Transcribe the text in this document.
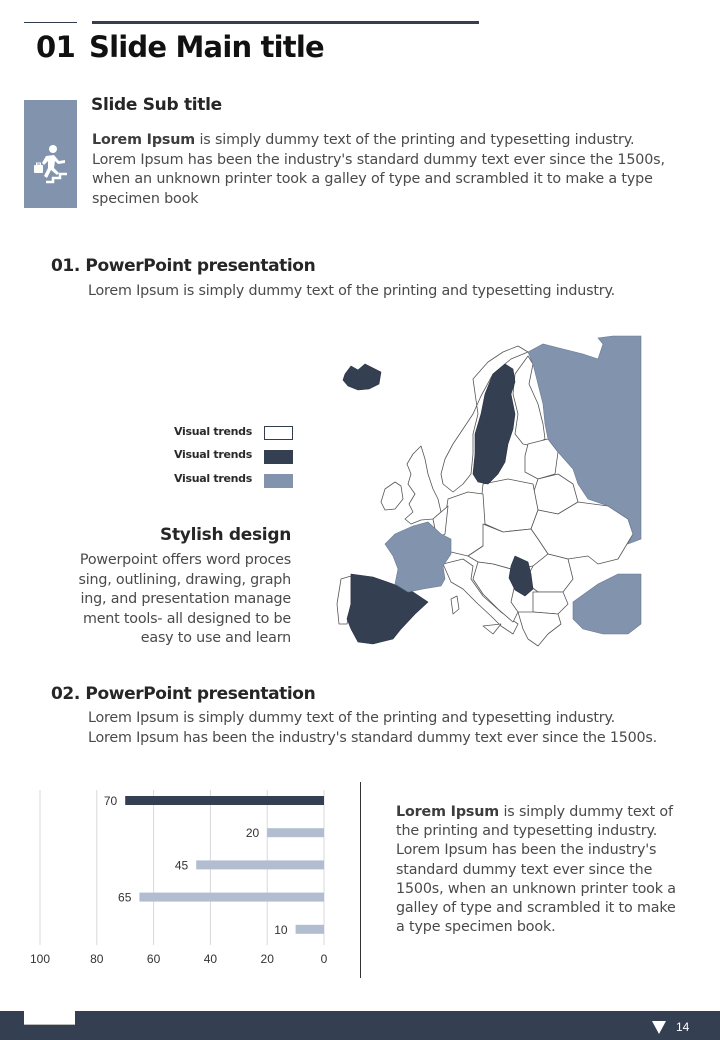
01 Slide Main title
Slide Sub title
Lorem Ipsum is simply dummy text of the printing and typesetting industry. Lorem Ipsum has been the industry's standard dummy text ever since the 1500s, when an unknown printer took a galley of type and scrambled it to make a type specimen book
01. PowerPoint presentation
Lorem Ipsum is simply dummy text of the printing and typesetting industry.
Visual trends
Visual trends
Visual trends
Stylish design
Powerpoint offers word proces
sing, outlining, drawing, graph
ing, and presentation manage
ment tools- all designed to be
easy to use and learn
02. PowerPoint presentation
Lorem Ipsum is simply dummy text of the printing and typesetting industry.
Lorem Ipsum has been the industry's standard dummy text ever since the 1500s.
100	80	60	40	20	0
70
20
45
65
10
Lorem Ipsum is simply dummy text of the printing and typesetting industry. Lorem Ipsum has been the industry's standard dummy text ever since the 1500s, when an unknown printer took a galley of type and scrambled it to make a type specimen book.
14
